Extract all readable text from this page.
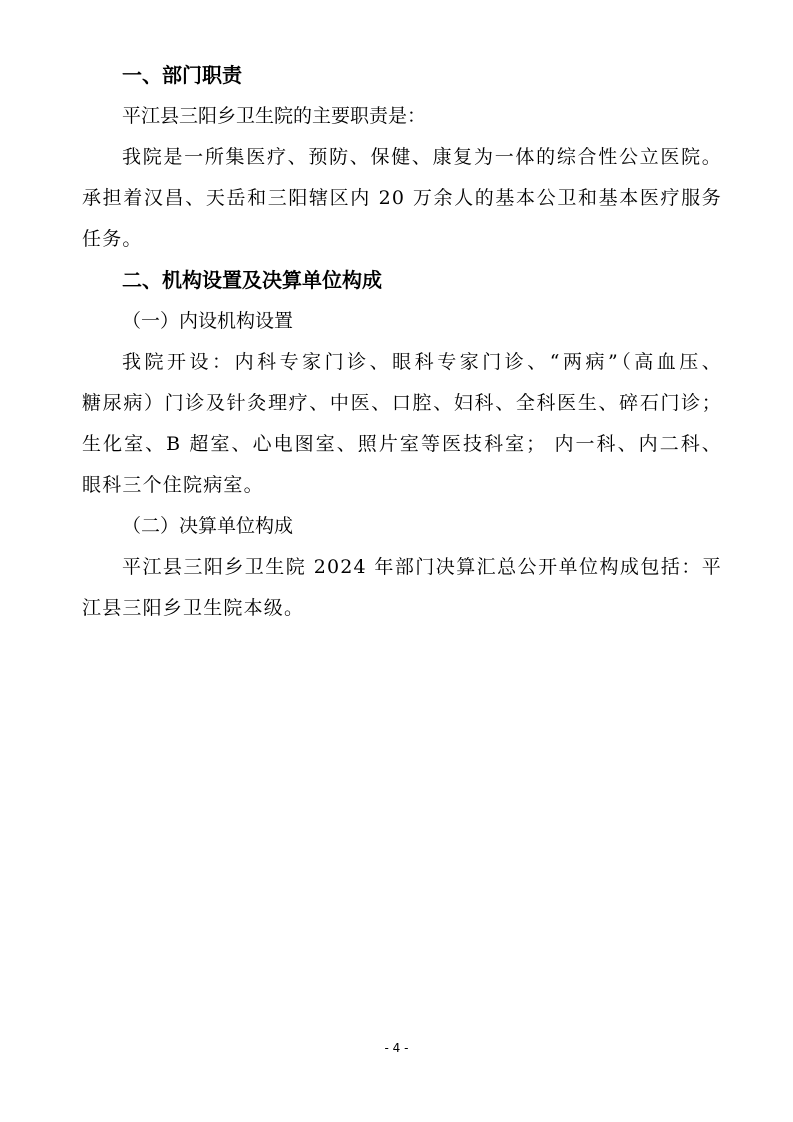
一、部门职责
平江县三阳乡卫生院的主要职责是：
我院是一所集医疗、预防、保健、康复为一体的综合性公立医院。
承担着汉昌、天岳和三阳辖区内 20 万余人的基本公卫和基本医疗服务
任务。
二、机构设置及决算单位构成
（一）内设机构设置
我院开设：内科专家门诊、眼科专家门诊、“两病”（高血压、
糖尿病）门诊及针灸理疗、中医、口腔、妇科、全科医生、碎石门诊；
生化室、B 超室、心电图室、照片室等医技科室； 内一科、内二科、
眼科三个住院病室。
（二）决算单位构成
平江县三阳乡卫生院 2024 年部门决算汇总公开单位构成包括：平
江县三阳乡卫生院本级。
- 4 -
